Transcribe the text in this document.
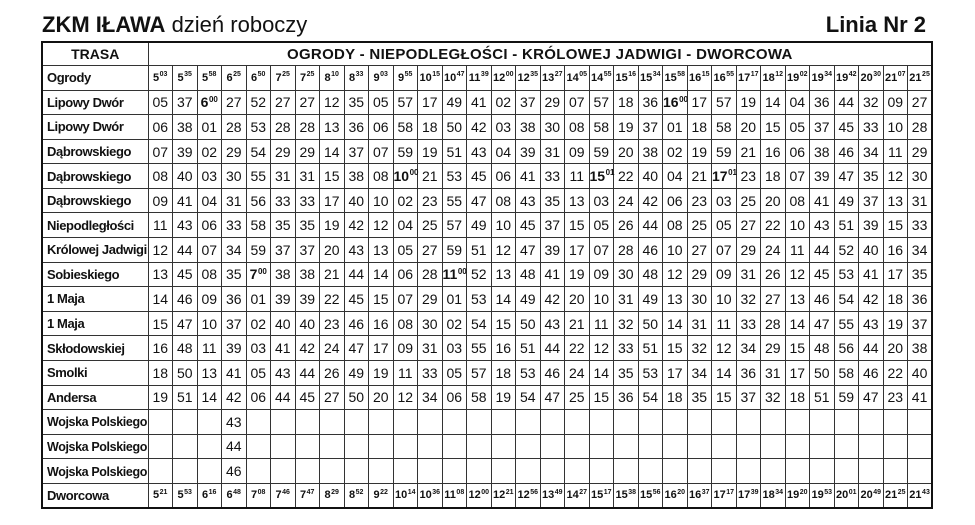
ZKM IŁAWA dzień roboczy	Linia Nr 2
TRASA	OGRODY - NIEPODLEGŁOŚCI - KRÓLOWEJ JADWIGI - DWORCOWA																															
Ogrody	$5^{03}$	$5^{35}$	$5^{58}$	$6^{25}$	$6^{50}$	$7^{25}$	$7^{25}$	$8^{10}$	$8^{33}$	$9^{03}$	$9^{55}$	$10^{15}$	$10^{47}$	$11^{39}$	$12^{00}$	$12^{35}$	$13^{27}$	$14^{05}$	$14^{55}$	$15^{16}$	$15^{34}$	$15^{58}$	$16^{15}$	$16^{55}$	$17^{17}$	$18^{12}$	$19^{02}$	$19^{34}$	$19^{42}$	$20^{30}$	$21^{07}$	$21^{25}$
Lipowy Dwór	05	37	$6^{00}$	27	52	27	27	12	35	05	57	17	49	41	02	37	29	07	57	18	36	$16^{00}$	17	57	19	14	04	36	44	32	09	27
Lipowy Dwór	06	38	01	28	53	28	28	13	36	06	58	18	50	42	03	38	30	08	58	19	37	01	18	58	20	15	05	37	45	33	10	28
Dąbrowskiego	07	39	02	29	54	29	29	14	37	07	59	19	51	43	04	39	31	09	59	20	38	02	19	59	21	16	06	38	46	34	11	29
Dąbrowskiego	08	40	03	30	55	31	31	15	38	08	$10^{00}$	21	53	45	06	41	33	11	$15^{01}$	22	40	04	21	$17^{01}$	23	18	07	39	47	35	12	30
Dąbrowskiego	09	41	04	31	56	33	33	17	40	10	02	23	55	47	08	43	35	13	03	24	42	06	23	03	25	20	08	41	49	37	13	31
Niepodległości	11	43	06	33	58	35	35	19	42	12	04	25	57	49	10	45	37	15	05	26	44	08	25	05	27	22	10	43	51	39	15	33
Królowej Jadwigi	12	44	07	34	59	37	37	20	43	13	05	27	59	51	12	47	39	17	07	28	46	10	27	07	29	24	11	44	52	40	16	34
Sobieskiego	13	45	08	35	$7^{00}$	38	38	21	44	14	06	28	$11^{00}$	52	13	48	41	19	09	30	48	12	29	09	31	26	12	45	53	41	17	35
1 Maja	14	46	09	36	01	39	39	22	45	15	07	29	01	53	14	49	42	20	10	31	49	13	30	10	32	27	13	46	54	42	18	36
1 Maja	15	47	10	37	02	40	40	23	46	16	08	30	02	54	15	50	43	21	11	32	50	14	31	11	33	28	14	47	55	43	19	37
Skłodowskiej	16	48	11	39	03	41	42	24	47	17	09	31	03	55	16	51	44	22	12	33	51	15	32	12	34	29	15	48	56	44	20	38
Smolki	18	50	13	41	05	43	44	26	49	19	11	33	05	57	18	53	46	24	14	35	53	17	34	14	36	31	17	50	58	46	22	40
Andersa	19	51	14	42	06	44	45	27	50	20	12	34	06	58	19	54	47	25	15	36	54	18	35	15	37	32	18	51	59	47	23	41
Wojska Polskiego				43																												
Wojska Polskiego				44																												
Wojska Polskiego				46																												
Dworcowa	$5^{21}$	$5^{53}$	$6^{16}$	$6^{48}$	$7^{08}$	$7^{46}$	$7^{47}$	$8^{29}$	$8^{52}$	$9^{22}$	$10^{14}$	$10^{36}$	$11^{08}$	$12^{00}$	$12^{21}$	$12^{56}$	$13^{49}$	$14^{27}$	$15^{17}$	$15^{38}$	$15^{56}$	$16^{20}$	$16^{37}$	$17^{17}$	$17^{39}$	$18^{34}$	$19^{20}$	$19^{53}$	$20^{01}$	$20^{49}$	$21^{25}$	$21^{43}$
